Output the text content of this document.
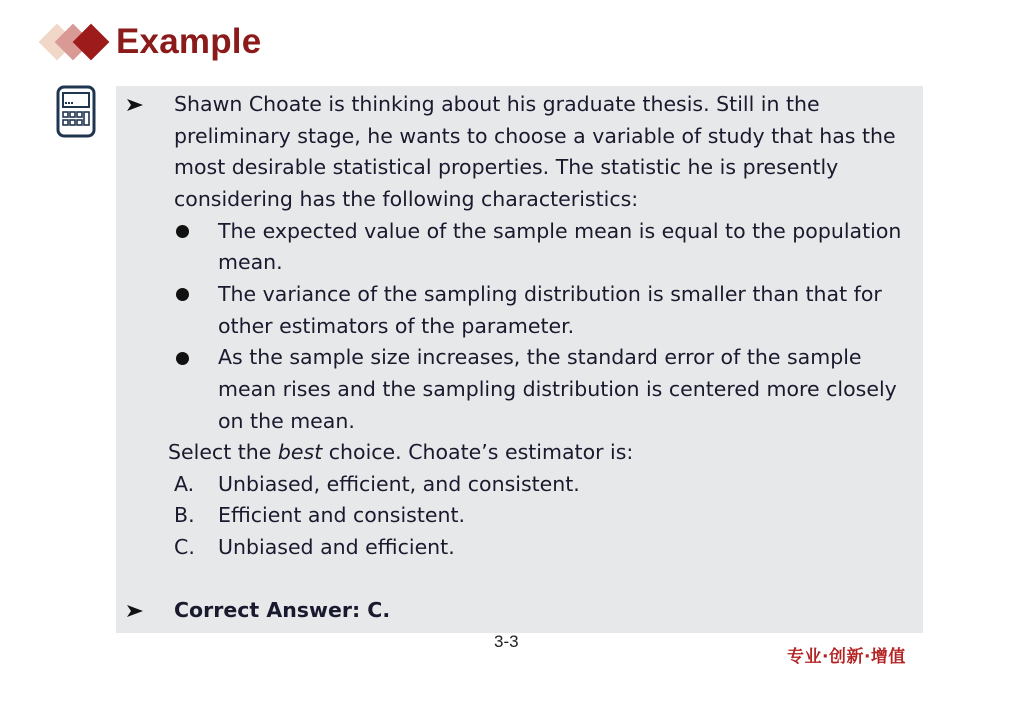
Example
Shawn Choate is thinking about his graduate thesis. Still in the
preliminary stage, he wants to choose a variable of study that has the
most desirable statistical properties. The statistic he is presently
considering has the following characteristics:
The expected value of the sample mean is equal to the population
mean.
The variance of the sampling distribution is smaller than that for
other estimators of the parameter.
As the sample size increases, the standard error of the sample
mean rises and the sampling distribution is centered more closely
on the mean.
Select the best choice. Choate’s estimator is:
A. Unbiased, efficient, and consistent.
B. Efficient and consistent.
C. Unbiased and efficient.
Correct Answer: C.
3-3
专业·创新·增值
